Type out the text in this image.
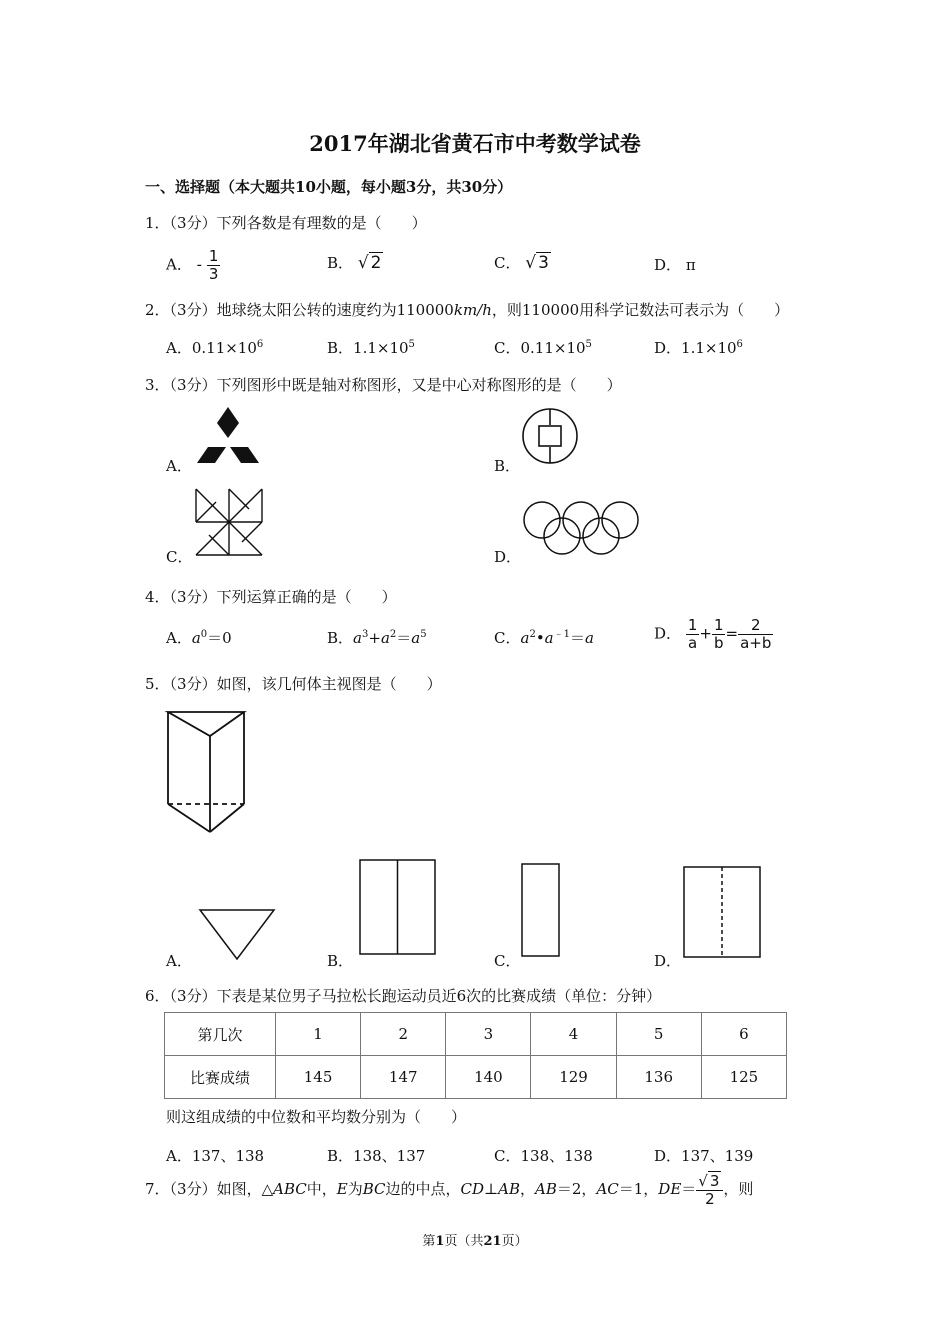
2017年湖北省黄石市中考数学试卷
一、选择题（本大题共10小题，每小题3分，共30分）
1．（3分）下列各数是有理数的是（　　）
A． - $\frac{1}{3}$	B． √ 2	C． √ 3	D． π
2．（3分）地球绕太阳公转的速度约为110000km/h，则110000用科学记数法可表示为（　　）
A．$0.11\times 10^6$	B．$1.1\times 10^5$	C．$0.11\times 10^5$	D．$1.1\times 10^6$
3．（3分）下列图形中既是轴对称图形，又是中心对称图形的是（　　）
A．	B．
C．	D．
4．（3分）下列运算正确的是（　　）
A．$a^0=0$	B．$a^3+a^2=a^5$	C．$a^2•a^{﹣1}=a$	D． $\frac{1}{a} + \frac{1}{b} = \frac{2}{a+b}$
5．（3分）如图，该几何体主视图是（　　）
A．	B．	C．	D．
6．（3分）下表是某位男子马拉松长跑运动员近6次的比赛成绩（单位：分钟）
第几次	1	2	3	4	5	6
比赛成绩	145	147	140	129	136	125
则这组成绩的中位数和平均数分别为（　　）
A．137、138	B．138、137	C．138、138	D．137、139
7．（3分）如图，△ABC中，E为BC边的中点，CD⊥AB，AB＝2，AC＝1，$DE= \frac{√ 3}{2}$ ，则
第1页（共21页）
